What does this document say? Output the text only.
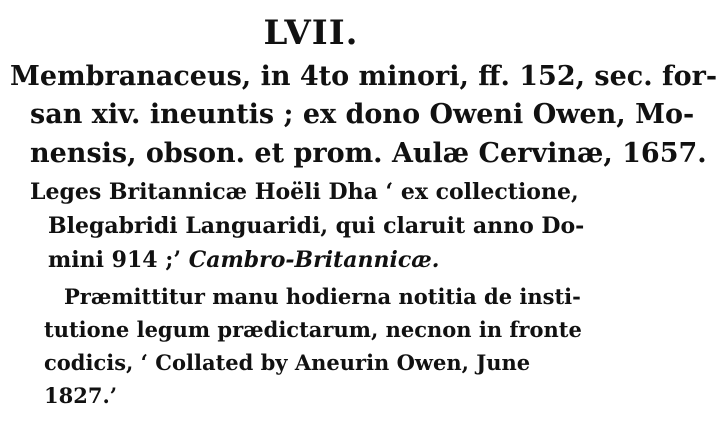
LVII.
Membranaceus, in 4to minori, ff. 152, sec. for-
san xiv. ineuntis ; ex dono Oweni Owen, Mo-
nensis, obson. et prom. Aulæ Cervinæ, 1657.
Leges Britannicæ Hoëli Dha ‘ ex collectione,
Blegabridi Languaridi, qui claruit anno Do-
mini 914 ;’ Cambro-Britannicæ.
Præmittitur manu hodierna notitia de insti-
tutione legum prædictarum, necnon in fronte
codicis, ‘ Collated by Aneurin Owen, June
1827.’
